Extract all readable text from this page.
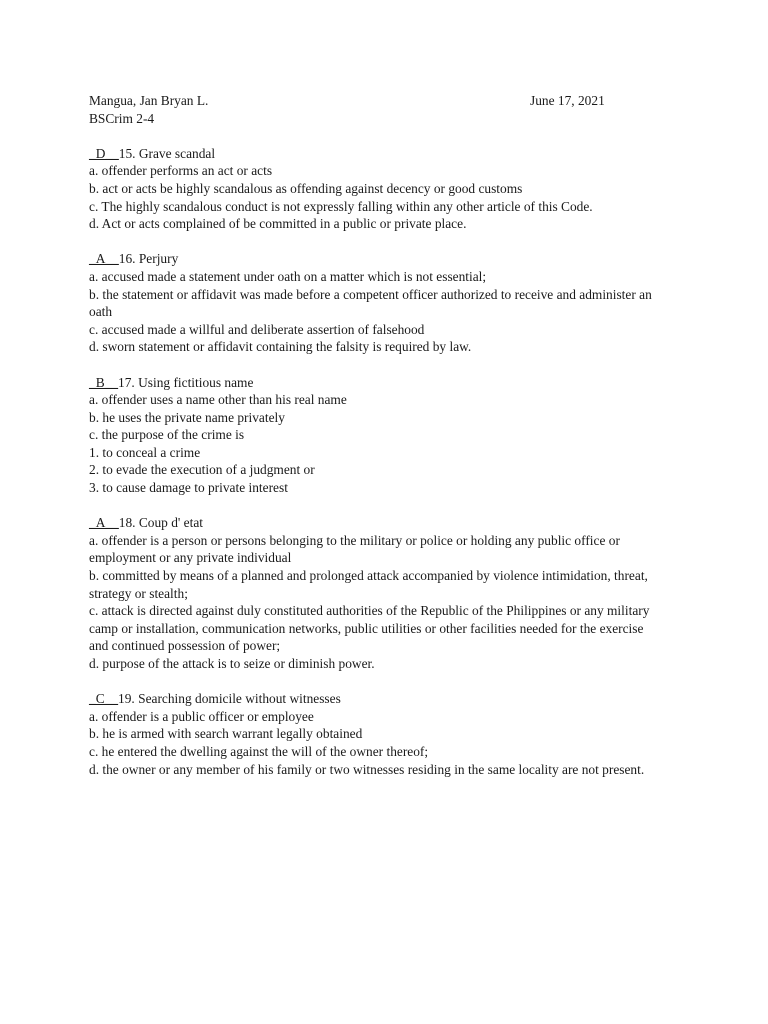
Mangua, Jan Bryan L.	June 17, 2021
BSCrim 2-4
_D__15. Grave scandal
a. offender performs an act or acts
b. act or acts be highly scandalous as offending against decency or good customs
c. The highly scandalous conduct is not expressly falling within any other article of this Code.
d. Act or acts complained of be committed in a public or private place.
_A__16. Perjury
a. accused made a statement under oath on a matter which is not essential;
b. the statement or affidavit was made before a competent officer authorized to receive and administer an
oath
c. accused made a willful and deliberate assertion of falsehood
d. sworn statement or affidavit containing the falsity is required by law.
_B__17. Using fictitious name
a. offender uses a name other than his real name
b. he uses the private name privately
c. the purpose of the crime is
1. to conceal a crime
2. to evade the execution of a judgment or
3. to cause damage to private interest
_A__18. Coup d' etat
a. offender is a person or persons belonging to the military or police or holding any public office or
employment or any private individual
b. committed by means of a planned and prolonged attack accompanied by violence intimidation, threat,
strategy or stealth;
c. attack is directed against duly constituted authorities of the Republic of the Philippines or any military
camp or installation, communication networks, public utilities or other facilities needed for the exercise
and continued possession of power;
d. purpose of the attack is to seize or diminish power.
_C__19. Searching domicile without witnesses
a. offender is a public officer or employee
b. he is armed with search warrant legally obtained
c. he entered the dwelling against the will of the owner thereof;
d. the owner or any member of his family or two witnesses residing in the same locality are not present.
